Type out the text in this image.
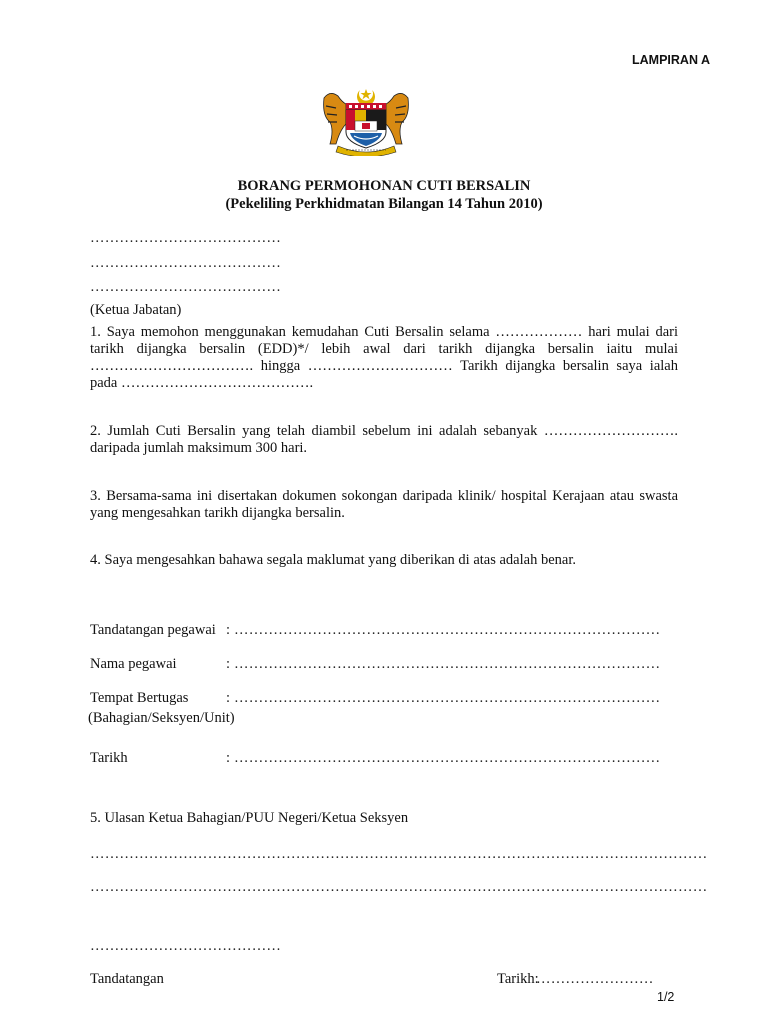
LAMPIRAN A
BORANG PERMOHONAN CUTI BERSALIN
(Pekeliling Perkhidmatan Bilangan 14 Tahun 2010)
…………………………………
…………………………………
…………………………………
(Ketua Jabatan)
1. Saya memohon menggunakan kemudahan Cuti Bersalin selama ……………… hari mulai dari tarikh dijangka bersalin (EDD)*/ lebih awal dari tarikh dijangka bersalin iaitu mulai ……………………………. hingga ………………………… Tarikh dijangka bersalin saya ialah pada ………………………………….
2. Jumlah Cuti Bersalin yang telah diambil sebelum ini adalah sebanyak ………………………. daripada jumlah maksimum 300 hari.
3. Bersama-sama ini disertakan dokumen sokongan daripada klinik/ hospital Kerajaan atau swasta yang mengesahkan tarikh dijangka bersalin.
4. Saya mengesahkan bahawa segala maklumat yang diberikan di atas adalah benar.
Tandatangan pegawai : ……………………………………………………………………………
Nama pegawai	: ……………………………………………………………………………
Tempat Bertugas	: ……………………………………………………………………………
(Bahagian/Seksyen/Unit)
Tarikh	: ……………………………………………………………………………
5. Ulasan Ketua Bahagian/PUU Negeri/Ketua Seksyen
………………………………………………………………………………………………………………
………………………………………………………………………………………………………………
…………………………………
Tandatangan	Tarikh:
……………………
1/2
